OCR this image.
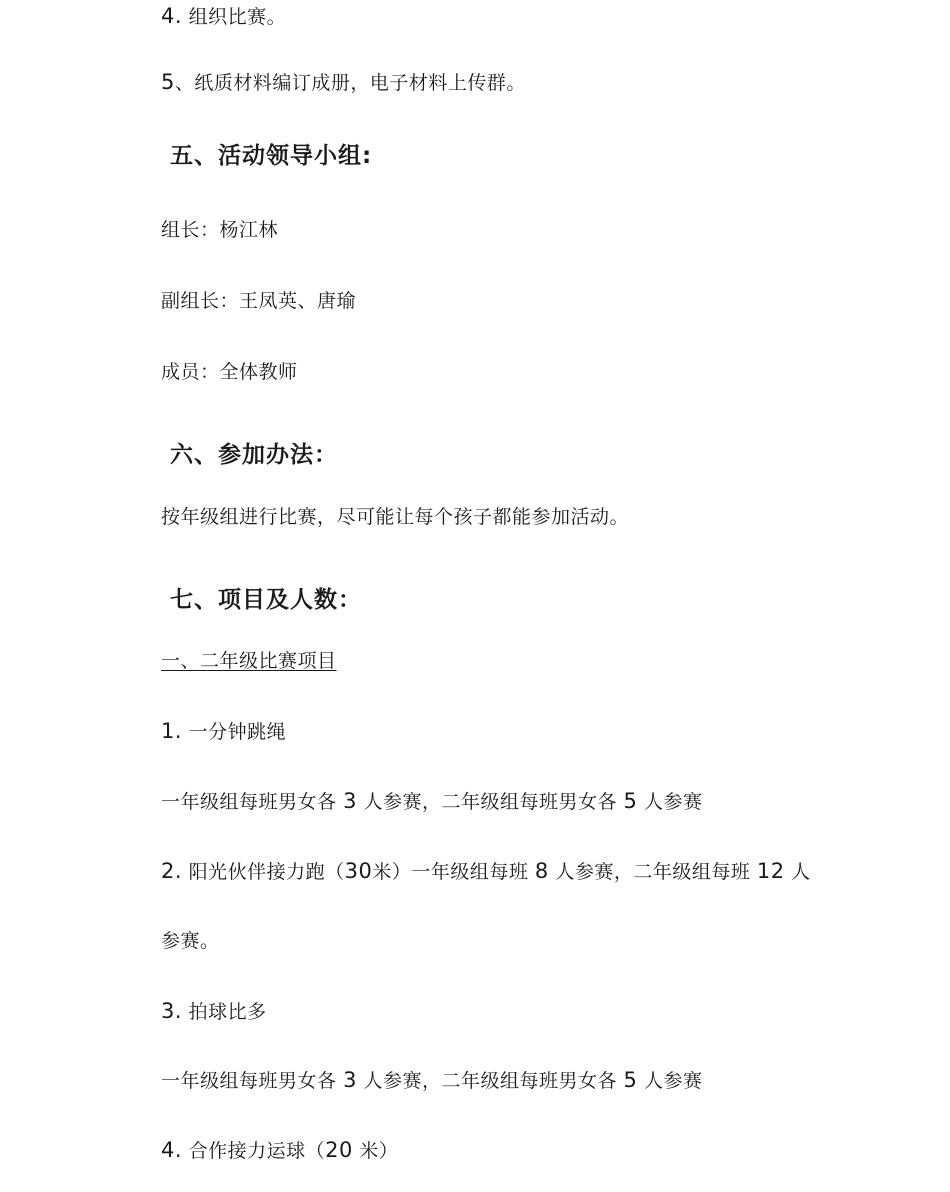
4. 组织比赛。
5、纸质材料编订成册，电子材料上传群。
五、活动领导小组:
组长：杨江林
副组长：王凤英、唐瑜
成员：全体教师
六、参加办法：
按年级组进行比赛，尽可能让每个孩子都能参加活动。
七、项目及人数：
一、二年级比赛项目
1. 一分钟跳绳
一年级组每班男女各 3 人参赛，二年级组每班男女各 5 人参赛
2. 阳光伙伴接力跑（30米）一年级组每班 8 人参赛，二年级组每班 12 人
参赛。
3. 拍球比多
一年级组每班男女各 3 人参赛，二年级组每班男女各 5 人参赛
4. 合作接力运球（20 米）
